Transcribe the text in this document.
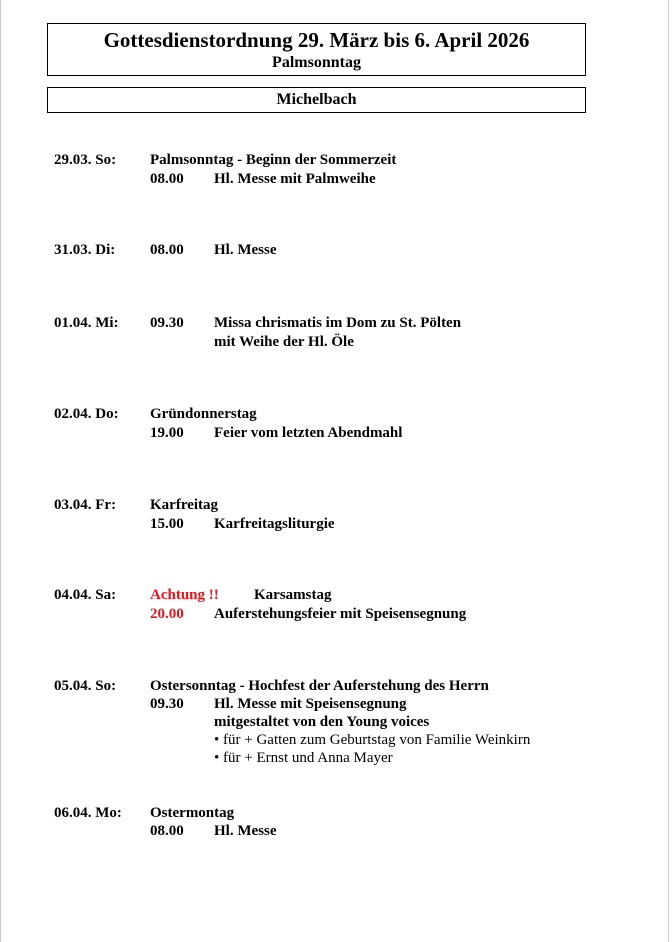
Gottesdienstordnung 29. März bis 6. April 2026
Palmsonntag
Michelbach
29.03. So: Palmsonntag - Beginn der Sommerzeit
08.00 Hl. Messe mit Palmweihe
31.03. Di: 08.00 Hl. Messe
01.04. Mi: 09.30 Missa chrismatis im Dom zu St. Pölten
mit Weihe der Hl. Öle
02.04. Do: Gründonnerstag
19.00 Feier vom letzten Abendmahl
03.04. Fr: Karfreitag
15.00 Karfreitagsliturgie
04.04. Sa: Achtung !! Karsamstag
20.00 Auferstehungsfeier mit Speisensegnung
05.04. So: Ostersonntag - Hochfest der Auferstehung des Herrn
09.30 Hl. Messe mit Speisensegnung
mitgestaltet von den Young voices
• für + Gatten zum Geburtstag von Familie Weinkirn
• für + Ernst und Anna Mayer
06.04. Mo: Ostermontag
08.00 Hl. Messe
